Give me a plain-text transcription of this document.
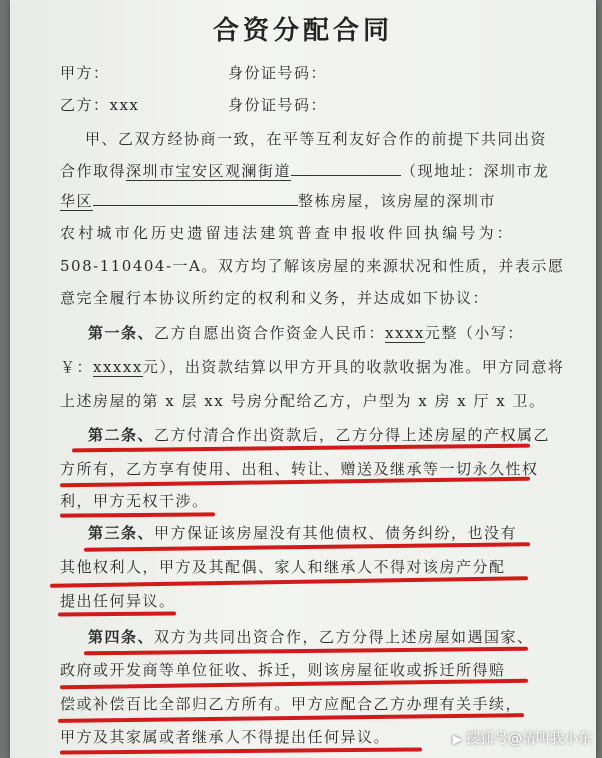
合资分配合同
甲方：	身份证号码：
乙方：xxx	身份证号码：
甲、乙双方经协商一致，在平等互利友好合作的前提下共同出资
合作取得深圳市宝安区观澜街道	（现地址：深圳市龙
华区	整栋房屋，该房屋的深圳市
农村城市化历史遗留违法建筑普查申报收件回执编号为：
508-110404-一A。双方均了解该房屋的来源状况和性质，并表示愿
意完全履行本协议所约定的权利和义务，并达成如下协议：
第一条、乙方自愿出资合作资金人民币：xxxx元整（小写：
￥：xxxxx元），出资款结算以甲方开具的收款收据为准。甲方同意将
上述房屋的第 x 层 xx 号房分配给乙方，户型为 x 房 x 厅 x 卫。
第二条、乙方付清合作出资款后，乙方分得上述房屋的产权属乙
方所有，乙方享有使用、出租、转让、赠送及继承等一切永久性权
利，甲方无权干涉。
第三条、甲方保证该房屋没有其他债权、债务纠纷，也没有
其他权利人，甲方及其配偶、家人和继承人不得对该房产分配
提出任何异议。
第四条、双方为共同出资合作，乙方分得上述房屋如遇国家、
政府或开发商等单位征收、拆迁，则该房屋征收或拆迁所得赔
偿或补偿百比全部归乙方所有。甲方应配合乙方办理有关手续，
甲方及其家属或者继承人不得提出任何异议。	▶ 搜狐号@请叫我小东
